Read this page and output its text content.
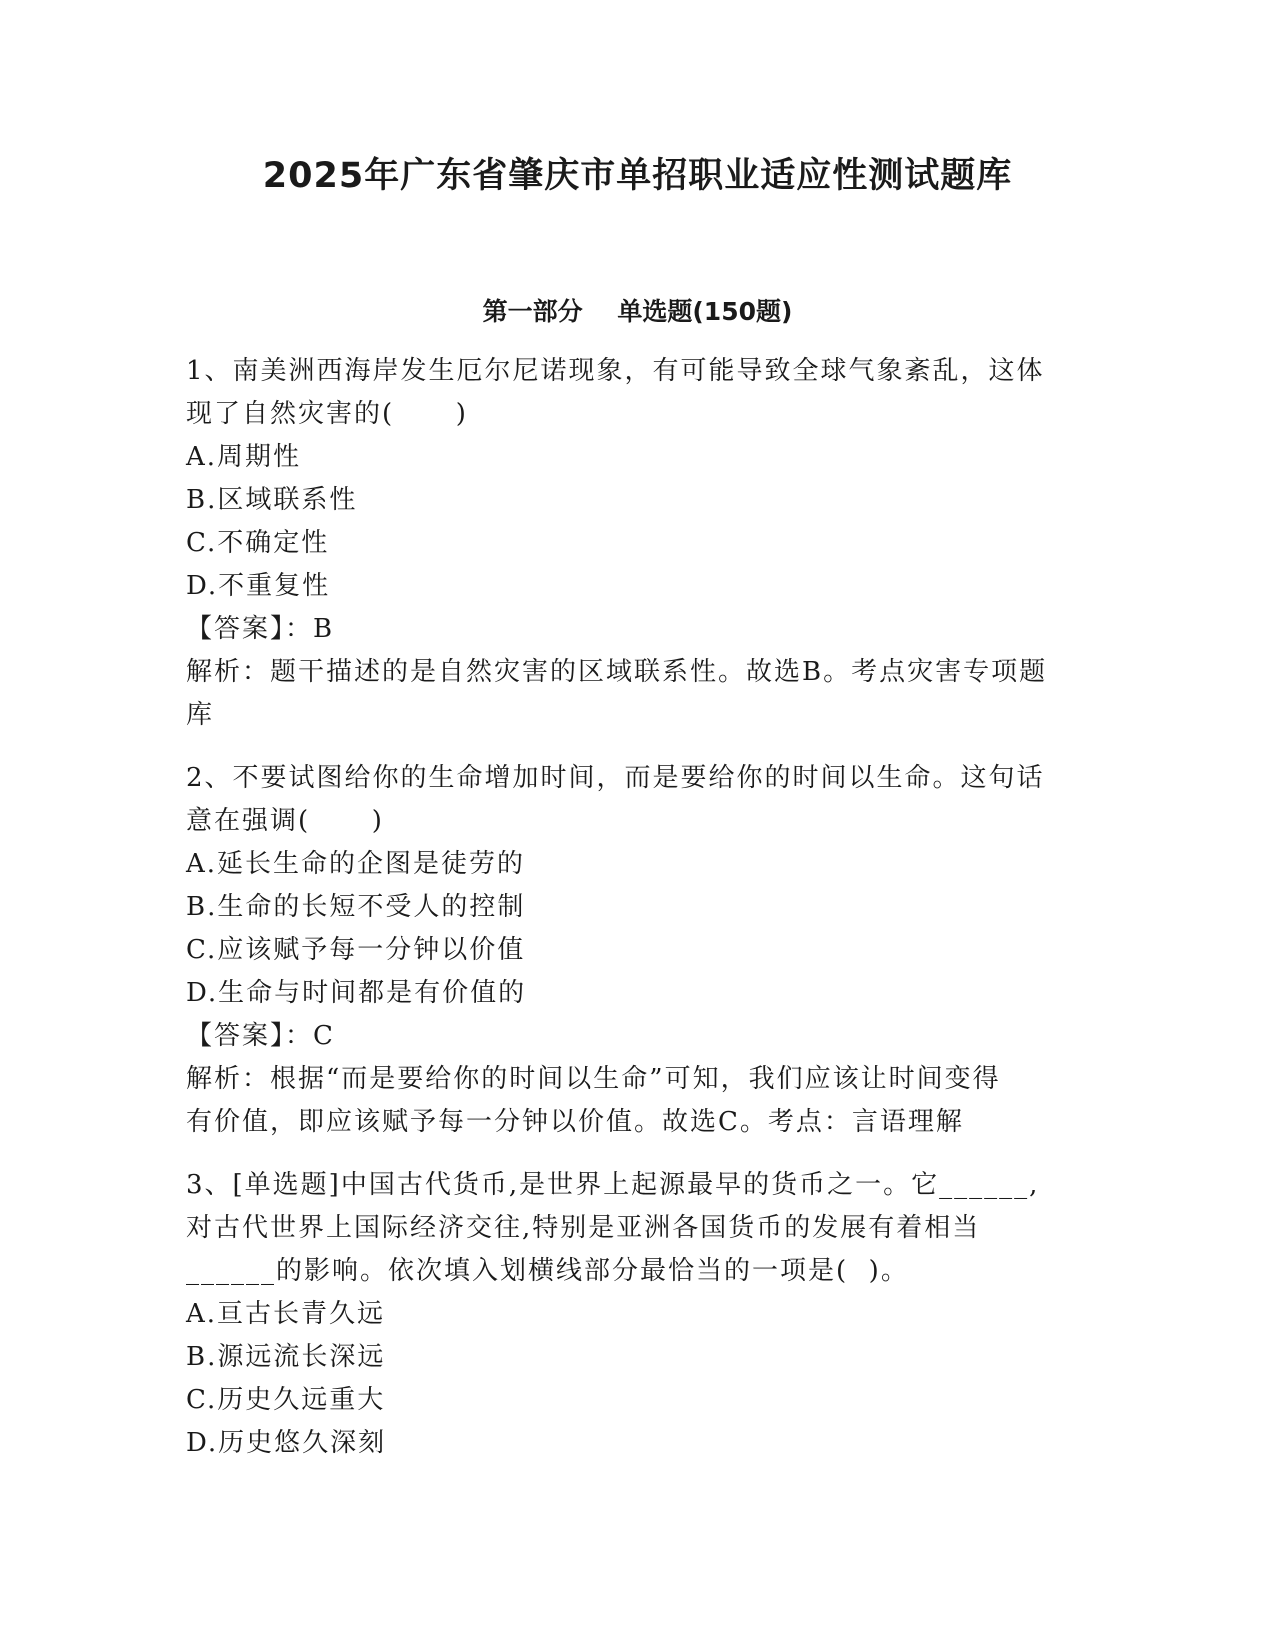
2025年广东省肇庆市单招职业适应性测试题库
第一部分    单选题(150题)
1、南美洲西海岸发生厄尔尼诺现象，有可能导致全球气象紊乱，这体
现了自然灾害的(      )
A.周期性
B.区域联系性
C.不确定性
D.不重复性
【答案】：B
解析：题干描述的是自然灾害的区域联系性。故选B。考点灾害专项题
库
2、不要试图给你的生命增加时间，而是要给你的时间以生命。这句话
意在强调(      )
A.延长生命的企图是徒劳的
B.生命的长短不受人的控制
C.应该赋予每一分钟以价值
D.生命与时间都是有价值的
【答案】：C
解析：根据“而是要给你的时间以生命”可知，我们应该让时间变得
有价值，即应该赋予每一分钟以价值。故选C。考点：言语理解
3、[单选题]中国古代货币,是世界上起源最早的货币之一。它______,
对古代世界上国际经济交往,特别是亚洲各国货币的发展有着相当
______的影响。依次填入划横线部分最恰当的一项是(  )。
A.亘古长青久远
B.源远流长深远
C.历史久远重大
D.历史悠久深刻
